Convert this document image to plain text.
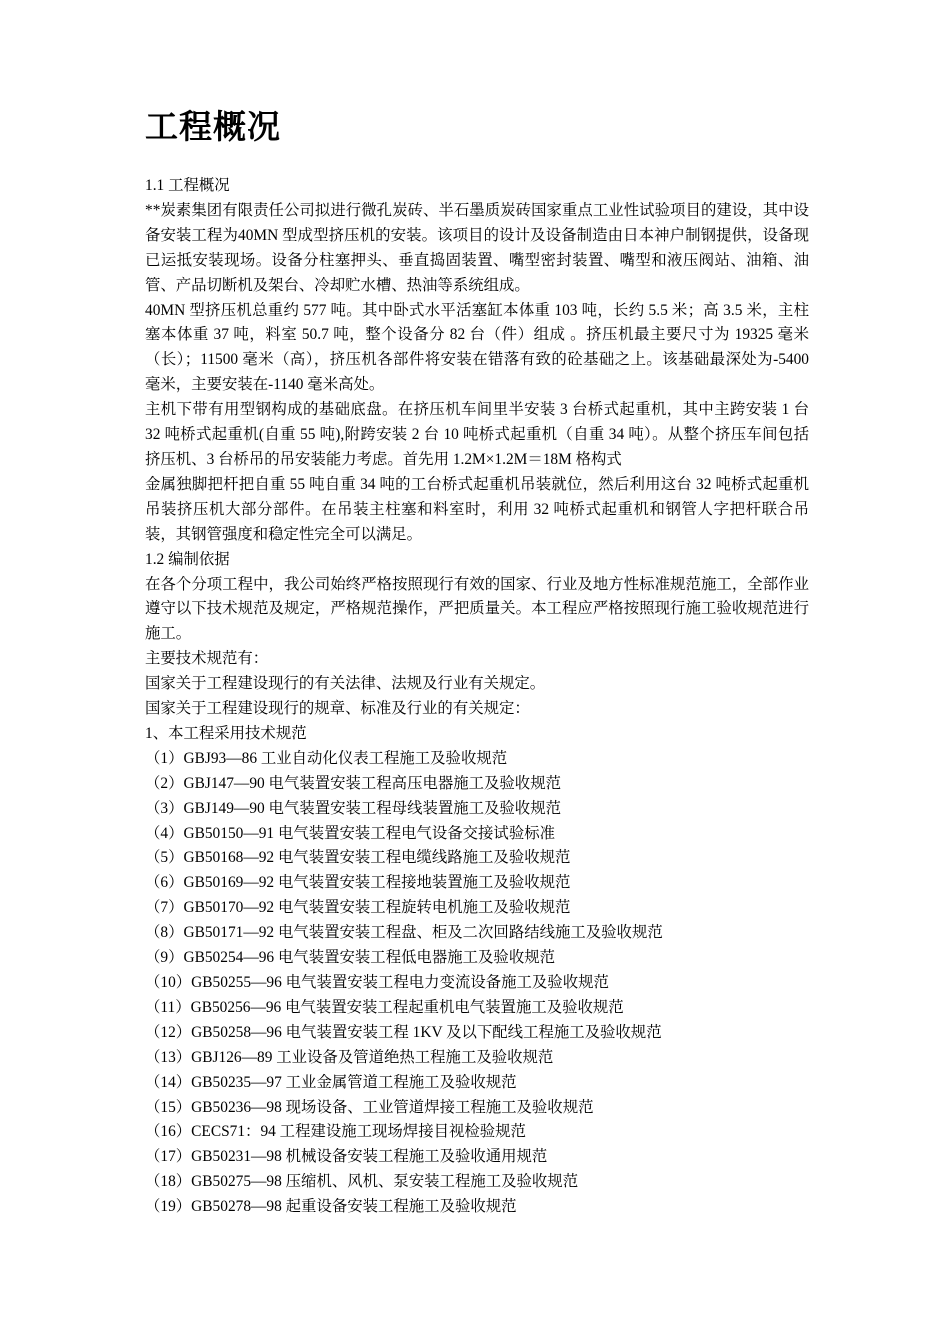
工程概况

1.1 工程概况

**炭素集团有限责任公司拟进行微孔炭砖、半石墨质炭砖国家重点工业性试验项目的建设，其中设备安装工程为40MN 型成型挤压机的安装。该项目的设计及设备制造由日本神户制钢提供，设备现已运抵安装现场。设备分柱塞押头、垂直捣固装置、嘴型密封装置、嘴型和液压阀站、油箱、油管、产品切断机及架台、冷却贮水槽、热油等系统组成。

40MN 型挤压机总重约 577 吨。其中卧式水平活塞缸本体重 103 吨，长约 5.5 米；高 3.5 米，主柱塞本体重 37 吨，料室 50.7 吨，整个设备分 82 台（件）组成 。挤压机最主要尺寸为 19325 毫米（长）；11500 毫米（高），挤压机各部件将安装在错落有致的砼基础之上。该基础最深处为-5400 毫米，主要安装在-1140 毫米高处。

主机下带有用型钢构成的基础底盘。在挤压机车间里半安装 3 台桥式起重机，其中主跨安装 1 台 32 吨桥式起重机(自重 55 吨),附跨安装 2 台 10 吨桥式起重机（自重 34 吨）。从整个挤压车间包括挤压机、3 台桥吊的吊安装能力考虑。首先用 1.2M×1.2M＝18M 格构式

金属独脚把杆把自重 55 吨自重 34 吨的工台桥式起重机吊装就位，然后利用这台 32 吨桥式起重机吊装挤压机大部分部件。在吊装主柱塞和料室时，利用 32 吨桥式起重机和钢管人字把杆联合吊装，其钢管强度和稳定性完全可以满足。

1.2 编制依据

在各个分项工程中，我公司始终严格按照现行有效的国家、行业及地方性标准规范施工，全部作业遵守以下技术规范及规定，严格规范操作，严把质量关。本工程应严格按照现行施工验收规范进行施工。

主要技术规范有：

国家关于工程建设现行的有关法律、法规及行业有关规定。

国家关于工程建设现行的规章、标准及行业的有关规定：

1、本工程采用技术规范

（1）GBJ93—86 工业自动化仪表工程施工及验收规范
（2）GBJ147—90 电气装置安装工程高压电器施工及验收规范
（3）GBJ149—90 电气装置安装工程母线装置施工及验收规范
（4）GB50150—91 电气装置安装工程电气设备交接试验标准
（5）GB50168—92 电气装置安装工程电缆线路施工及验收规范
（6）GB50169—92 电气装置安装工程接地装置施工及验收规范
（7）GB50170—92 电气装置安装工程旋转电机施工及验收规范
（8）GB50171—92 电气装置安装工程盘、柜及二次回路结线施工及验收规范
（9）GB50254—96 电气装置安装工程低电器施工及验收规范
（10）GB50255—96 电气装置安装工程电力变流设备施工及验收规范
（11）GB50256—96 电气装置安装工程起重机电气装置施工及验收规范
（12）GB50258—96 电气装置安装工程 1KV 及以下配线工程施工及验收规范
（13）GBJ126—89 工业设备及管道绝热工程施工及验收规范
（14）GB50235—97 工业金属管道工程施工及验收规范
（15）GB50236—98 现场设备、工业管道焊接工程施工及验收规范
（16）CECS71：94 工程建设施工现场焊接目视检验规范
（17）GB50231—98 机械设备安装工程施工及验收通用规范
（18）GB50275—98 压缩机、风机、泵安装工程施工及验收规范
（19）GB50278—98 起重设备安装工程施工及验收规范
